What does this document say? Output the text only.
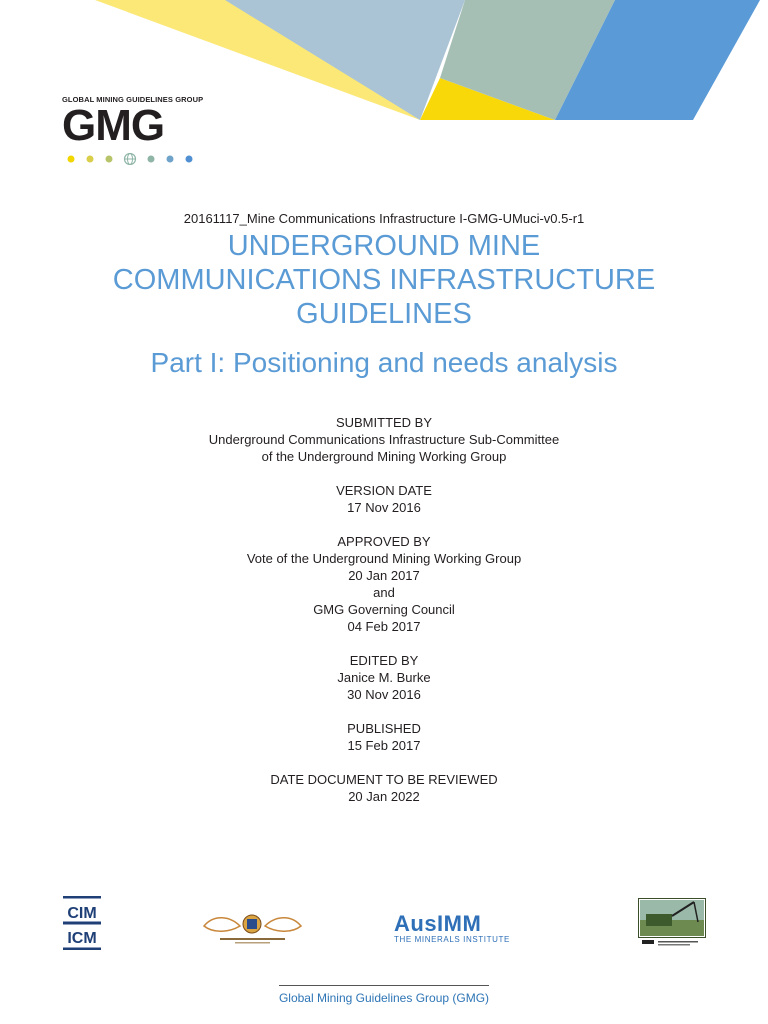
GLOBAL MINING GUIDELINES GROUP
GMG
20161117_Mine Communications Infrastructure I-GMG-UMuci-v0.5-r1
UNDERGROUND MINE
COMMUNICATIONS INFRASTRUCTURE
GUIDELINES
Part I: Positioning and needs analysis
SUBMITTED BY
Underground Communications Infrastructure Sub-Committee
of the Underground Mining Working Group
VERSION DATE
17 Nov 2016
APPROVED BY
Vote of the Underground Mining Working Group
20 Jan 2017
and
GMG Governing Council
04 Feb 2017
EDITED BY
Janice M. Burke
30 Nov 2016
PUBLISHED
15 Feb 2017
DATE DOCUMENT TO BE REVIEWED
20 Jan 2022
CIM
ICM
AusIMM
THE MINERALS INSTITUTE
Global Mining Guidelines Group (GMG)
